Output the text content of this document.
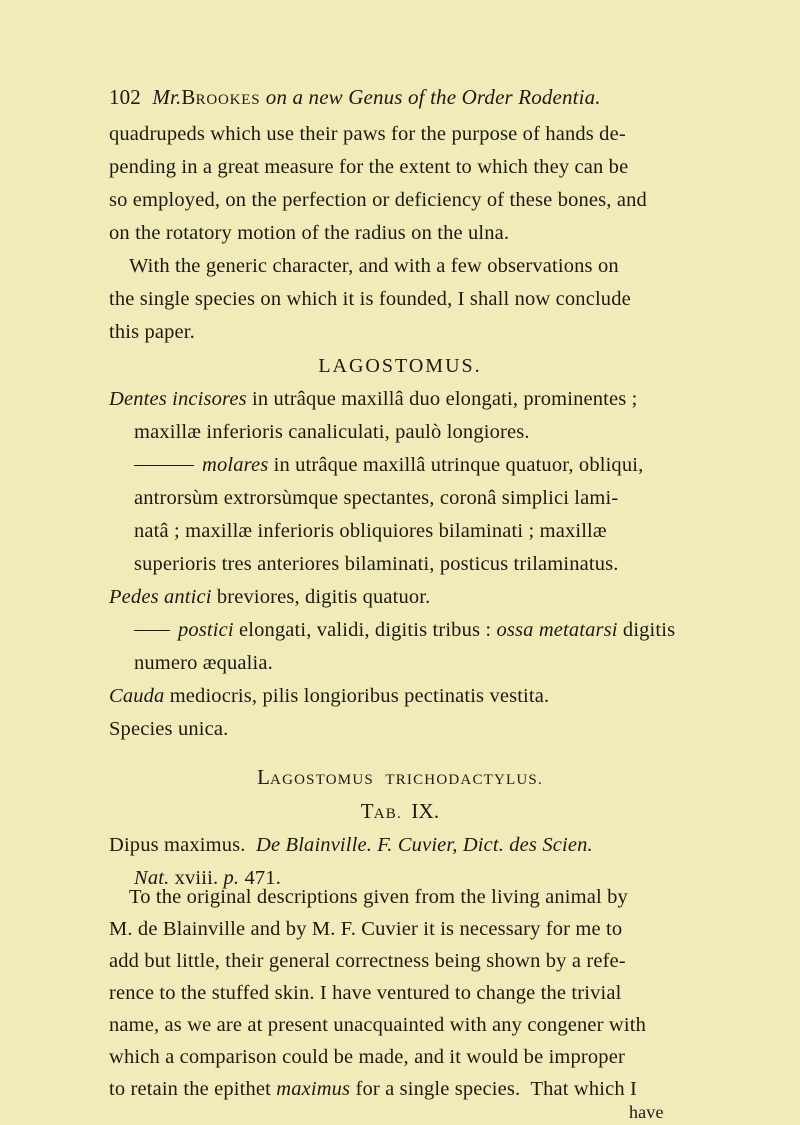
102 Mr.BROOKES on a new Genus of the Order Rodentia.
quadrupeds which use their paws for the purpose of hands de-
pending in a great measure for the extent to which they can be
so employed, on the perfection or deficiency of these bones, and
on the rotatory motion of the radius on the ulna.
With the generic character, and with a few observations on
the single species on which it is founded, I shall now conclude
this paper.
LAGOSTOMUS.
Dentes incisores in utrâque maxillâ duo elongati, prominentes ;
maxillæ inferioris canaliculati, paulò longiores.
molares in utrâque maxillâ utrinque quatuor, obliqui,
antrorsùm extrorsùmque spectantes, coronâ simplici lami-
natâ ; maxillæ inferioris obliquiores bilaminati ; maxillæ
superioris tres anteriores bilaminati, posticus trilaminatus.
Pedes antici breviores, digitis quatuor.
postici elongati, validi, digitis tribus : ossa metatarsi digitis
numero æqualia.
Cauda mediocris, pilis longioribus pectinatis vestita.
Species unica.
LAGOSTOMUS TRICHODACTYLUS.
TAB. IX.
Dipus maximus.  De Blainville. F. Cuvier, Dict. des Scien.
Nat. xviii. p. 471.
To the original descriptions given from the living animal by
M. de Blainville and by M. F. Cuvier it is necessary for me to
add but little, their general correctness being shown by a refe-
rence to the stuffed skin. I have ventured to change the trivial
name, as we are at present unacquainted with any congener with
which a comparison could be made, and it would be improper
to retain the epithet maximus for a single species.  That which I
have
